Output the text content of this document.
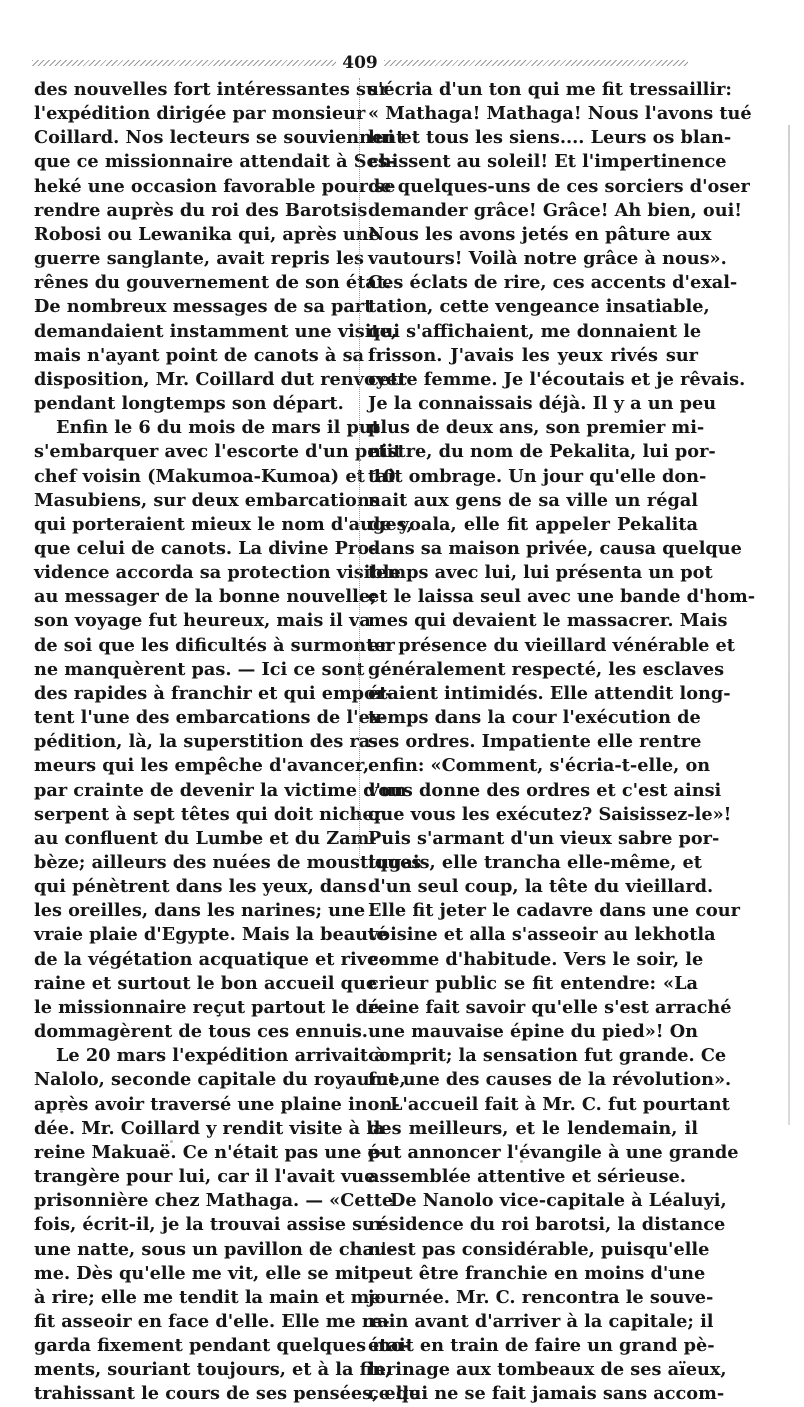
409
des nouvelles fort intéressantes sur
l'expédition dirigée par monsieur
Coillard. Nos lecteurs se souviennent
que ce missionnaire attendait à Ses-
heké une occasion favorable pour se
rendre auprès du roi des Barotsis
Robosi ou Lewanika qui, après une
guerre sanglante, avait repris les
rênes du gouvernement de son état.
De nombreux messages de sa part
demandaient instamment une visite,
mais n'ayant point de canots à sa
disposition, Mr. Coillard dut renvoyer
pendant longtemps son départ.
Enfin le 6 du mois de mars il put
s'embarquer avec l'escorte d'un petit
chef voisin (Makumoa-Kumoa) et 10
Masubiens, sur deux embarcations
qui porteraient mieux le nom d'auges,
que celui de canots. La divine Pro-
vidence accorda sa protection visible
au messager de la bonne nouvelle;
son voyage fut heureux, mais il va
de soi que les dificultés à surmonter
ne manquèrent pas. — Ici ce sont
des rapides à franchir et qui empor-
tent l'une des embarcations de l'ex-
pédition, là, la superstition des ra-
meurs qui les empêche d'avancer,
par crainte de devenir la victime d'un
serpent à sept têtes qui doit nicher
au confluent du Lumbe et du Zam-
bèze; ailleurs des nuées de moustiques
qui pénètrent dans les yeux, dans
les oreilles, dans les narines; une
vraie plaie d'Egypte. Mais la beauté
de la végétation acquatique et rive-
raine et surtout le bon accueil que
le missionnaire reçut partout le dé-
dommagèrent de tous ces ennuis.
Le 20 mars l'expédition arrivait à
Nalolo, seconde capitale du royaume,
après avoir traversé une plaine inon-
dée. Mr. Coillard y rendit visite à la
reine Makuaë. Ce n'était pas une é-
trangère pour lui, car il l'avait vue
prisonnière chez Mathaga. — «Cette
fois, écrit-il, je la trouvai assise sur
une natte, sous un pavillon de chau-
me. Dès qu'elle me vit, elle se mit
à rire; elle me tendit la main et me
fit asseoir en face d'elle. Elle me re-
garda fixement pendant quelques mo-
ments, souriant toujours, et à la fin,
trahissant le cours de ses pensées, elle
s'écria d'un ton qui me fit tressaillir:
« Mathaga! Mathaga! Nous l'avons tué
lui et tous les siens.... Leurs os blan-
chissent au soleil! Et l'impertinence
de quelques-uns de ces sorciers d'oser
demander grâce! Grâce! Ah bien, oui!
Nous les avons jetés en pâture aux
vautours! Voilà notre grâce à nous».
Ces éclats de rire, ces accents d'exal-
tation, cette vengeance insatiable,
qui s'affichaient, me donnaient le
frisson. J'avais les yeux rivés sur
cette femme. Je l'écoutais et je rêvais.
Je la connaissais déjà. Il y a un peu
plus de deux ans, son premier mi-
nistre, du nom de Pekalita, lui por-
tait ombrage. Un jour qu'elle don-
nait aux gens de sa ville un régal
de yoala, elle fit appeler Pekalita
dans sa maison privée, causa quelque
temps avec lui, lui présenta un pot
et le laissa seul avec une bande d'hom-
mes qui devaient le massacrer. Mais
en présence du vieillard vénérable et
généralement respecté, les esclaves
étaient intimidés. Elle attendit long-
temps dans la cour l'exécution de
ses ordres. Impatiente elle rentre
enfin: «Comment, s'écria-t-elle, on
vous donne des ordres et c'est ainsi
que vous les exécutez? Saisissez-le»!
Puis s'armant d'un vieux sabre por-
tugais, elle trancha elle-même, et
d'un seul coup, la tête du vieillard.
Elle fit jeter le cadavre dans une cour
voisine et alla s'asseoir au lekhotla
comme d'habitude. Vers le soir, le
crieur public se fit entendre: «La
reine fait savoir qu'elle s'est arraché
une mauvaise épine du pied»! On
comprit; la sensation fut grande. Ce
fut une des causes de la révolution».
L'accueil fait à Mr. C. fut pourtant
des meilleurs, et le lendemain, il
put annoncer l'évangile à une grande
assemblée attentive et sérieuse.
De Nanolo vice-capitale à Léaluyi,
résidence du roi barotsi, la distance
n'est pas considérable, puisqu'elle
peut être franchie en moins d'une
journée. Mr. C. rencontra le souve-
rain avant d'arriver à la capitale; il
était en train de faire un grand pè-
lerinage aux tombeaux de ses aïeux,
ce qui ne se fait jamais sans accom-
